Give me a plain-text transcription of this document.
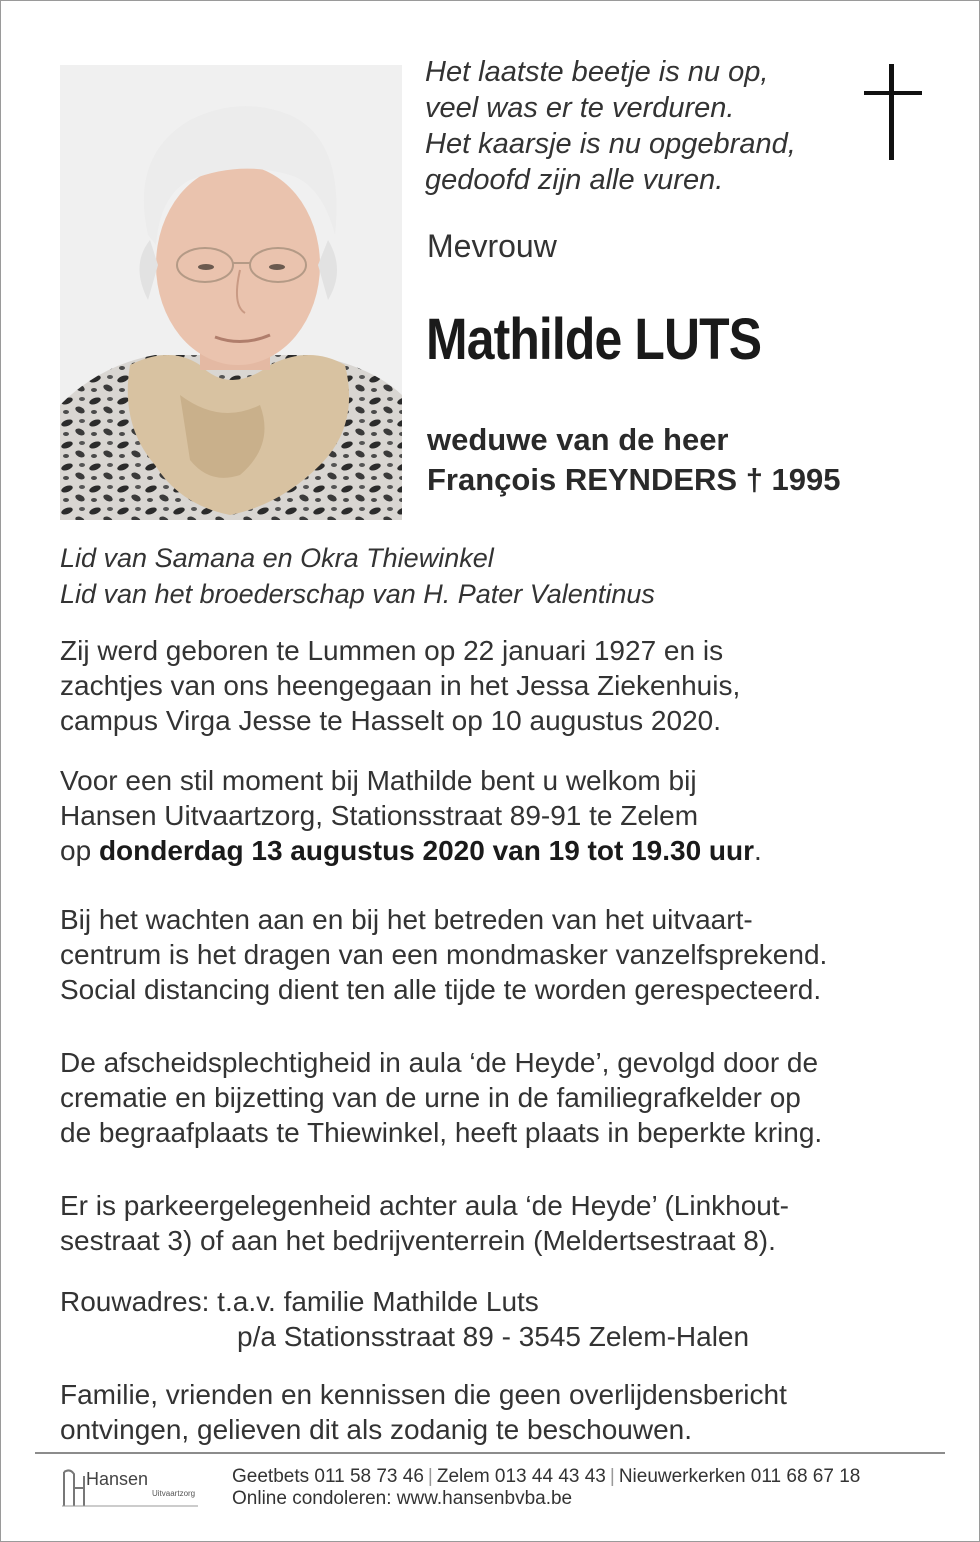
Het laatste beetje is nu op,
veel was er te verduren.
Het kaarsje is nu opgebrand,
gedoofd zijn alle vuren.
Mevrouw
Mathilde LUTS
weduwe van de heer
François REYNDERS † 1995
Lid van Samana en Okra Thiewinkel
Lid van het broederschap van H. Pater Valentinus
Zij werd geboren te Lummen op 22 januari 1927 en is
zachtjes van ons heengegaan in het Jessa Ziekenhuis,
campus Virga Jesse te Hasselt op 10 augustus 2020.
Voor een stil moment bij Mathilde bent u welkom bij
Hansen Uitvaartzorg, Stationsstraat 89-91 te Zelem
op donderdag 13 augustus 2020 van 19 tot 19.30 uur.
Bij het wachten aan en bij het betreden van het uitvaart-
centrum is het dragen van een mondmasker vanzelfsprekend.
Social distancing dient ten alle tijde te worden gerespecteerd.
De afscheidsplechtigheid in aula ‘de Heyde’, gevolgd door de
crematie en bijzetting van de urne in de familiegrafkelder op
de begraafplaats te Thiewinkel, heeft plaats in beperkte kring.
Er is parkeergelegenheid achter aula ‘de Heyde’ (Linkhout-
sestraat 3) of aan het bedrijventerrein (Meldertsestraat 8).
Rouwadres: t.a.v. familie Mathilde Luts
p/a Stationsstraat 89 - 3545 Zelem-Halen
Familie, vrienden en kennissen die geen overlijdensbericht
ontvingen, gelieven dit als zodanig te beschouwen.
Hansen
Uitvaartzorg
Geetbets 011 58 73 46 | Zelem 013 44 43 43 | Nieuwerkerken 011 68 67 18
Online condoleren: www.hansenbvba.be
